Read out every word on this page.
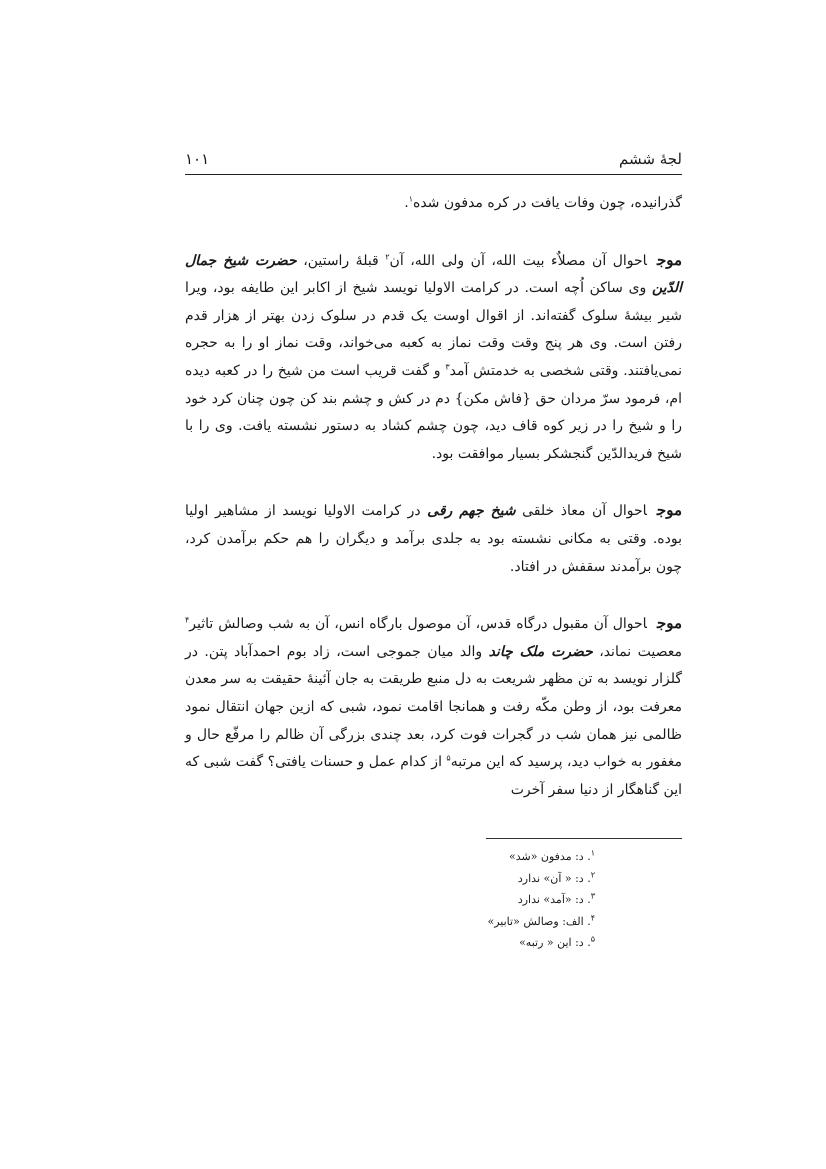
لجۀ ششم
۱۰۱

گذرانیده، چون وفات یافت در کره مدفون شده$^۱$.

موجاحوال آن مصلاٌء بیت الله، آن ولی الله، آن$^۲$ قبلۀ راستین، حضرت شیخ جمال الدّین وی ساکن اُچه است. در کرامت الاولیا نویسد شیخ از اکابر این طایفه بود، ویرا شیر بیشۀ سلوک گفته‌اند. از اقوال اوست یک قدم در سلوک زدن بهتر از هزار قدم رفتن است. وی هر پنج وقت وقت نماز به کعبه می‌خواند، وقت نماز او را به حجره نمی‌یافتند. وقتی شخصی به خدمتش آمد$^۳$ و گفت قریب است من شیخ را در کعبه دیده ام، فرمود سرّ مردان حق {فاش مکن} دم در کش و چشم بند کن چون چنان کرد خود را و شیخ را در زیر کوه قاف دید، چون چشم کشاد به دستور نشسته یافت. وی را با شیخ فریدالدّین گنجشکر بسیار موافقت بود.

موجاحوال آن معاذ خلقی شیخ جهم رقی در کرامت الاولیا نویسد از مشاهیر اولیا بوده. وقتی به مکانی نشسته بود به جلدی برآمد و دیگران را هم حکم برآمدن کرد، چون برآمدند سقفش در افتاد.

موجاحوال آن مقبول درگاه قدس، آن موصول بارگاه انس، آن به شب وصالش تاثیر$^۴$ معصیت نماند، حضرت ملک چاند والد میان جموجی است، زاد بوم احمدآباد پتن. در گلزار نویسد به تن مظهر شریعت به دل منبع طریقت به جان آئینۀ حقیقت به سر معدن معرفت بود، از وطن مکّه رفت و همانجا اقامت نمود، شبی که ازین جهان انتقال نمود ظالمی نیز همان شب در گجرات فوت کرد، بعد چندی بزرگی آن ظالم را مرفّع حال و مغفور به خواب دید، پرسید که این مرتبه$^۵$ از کدام عمل و حسنات یافتی؟ گفت شبی که این گناهگار از دنیا سفر آخرت

$^۱$. د: مدفون «شد»
$^۲$. د: « آن» ندارد
$^۳$. د: «آمد» ندارد
$^۴$. الف: وصالش «تابیر»
$^۵$. د: این « رتبه»
